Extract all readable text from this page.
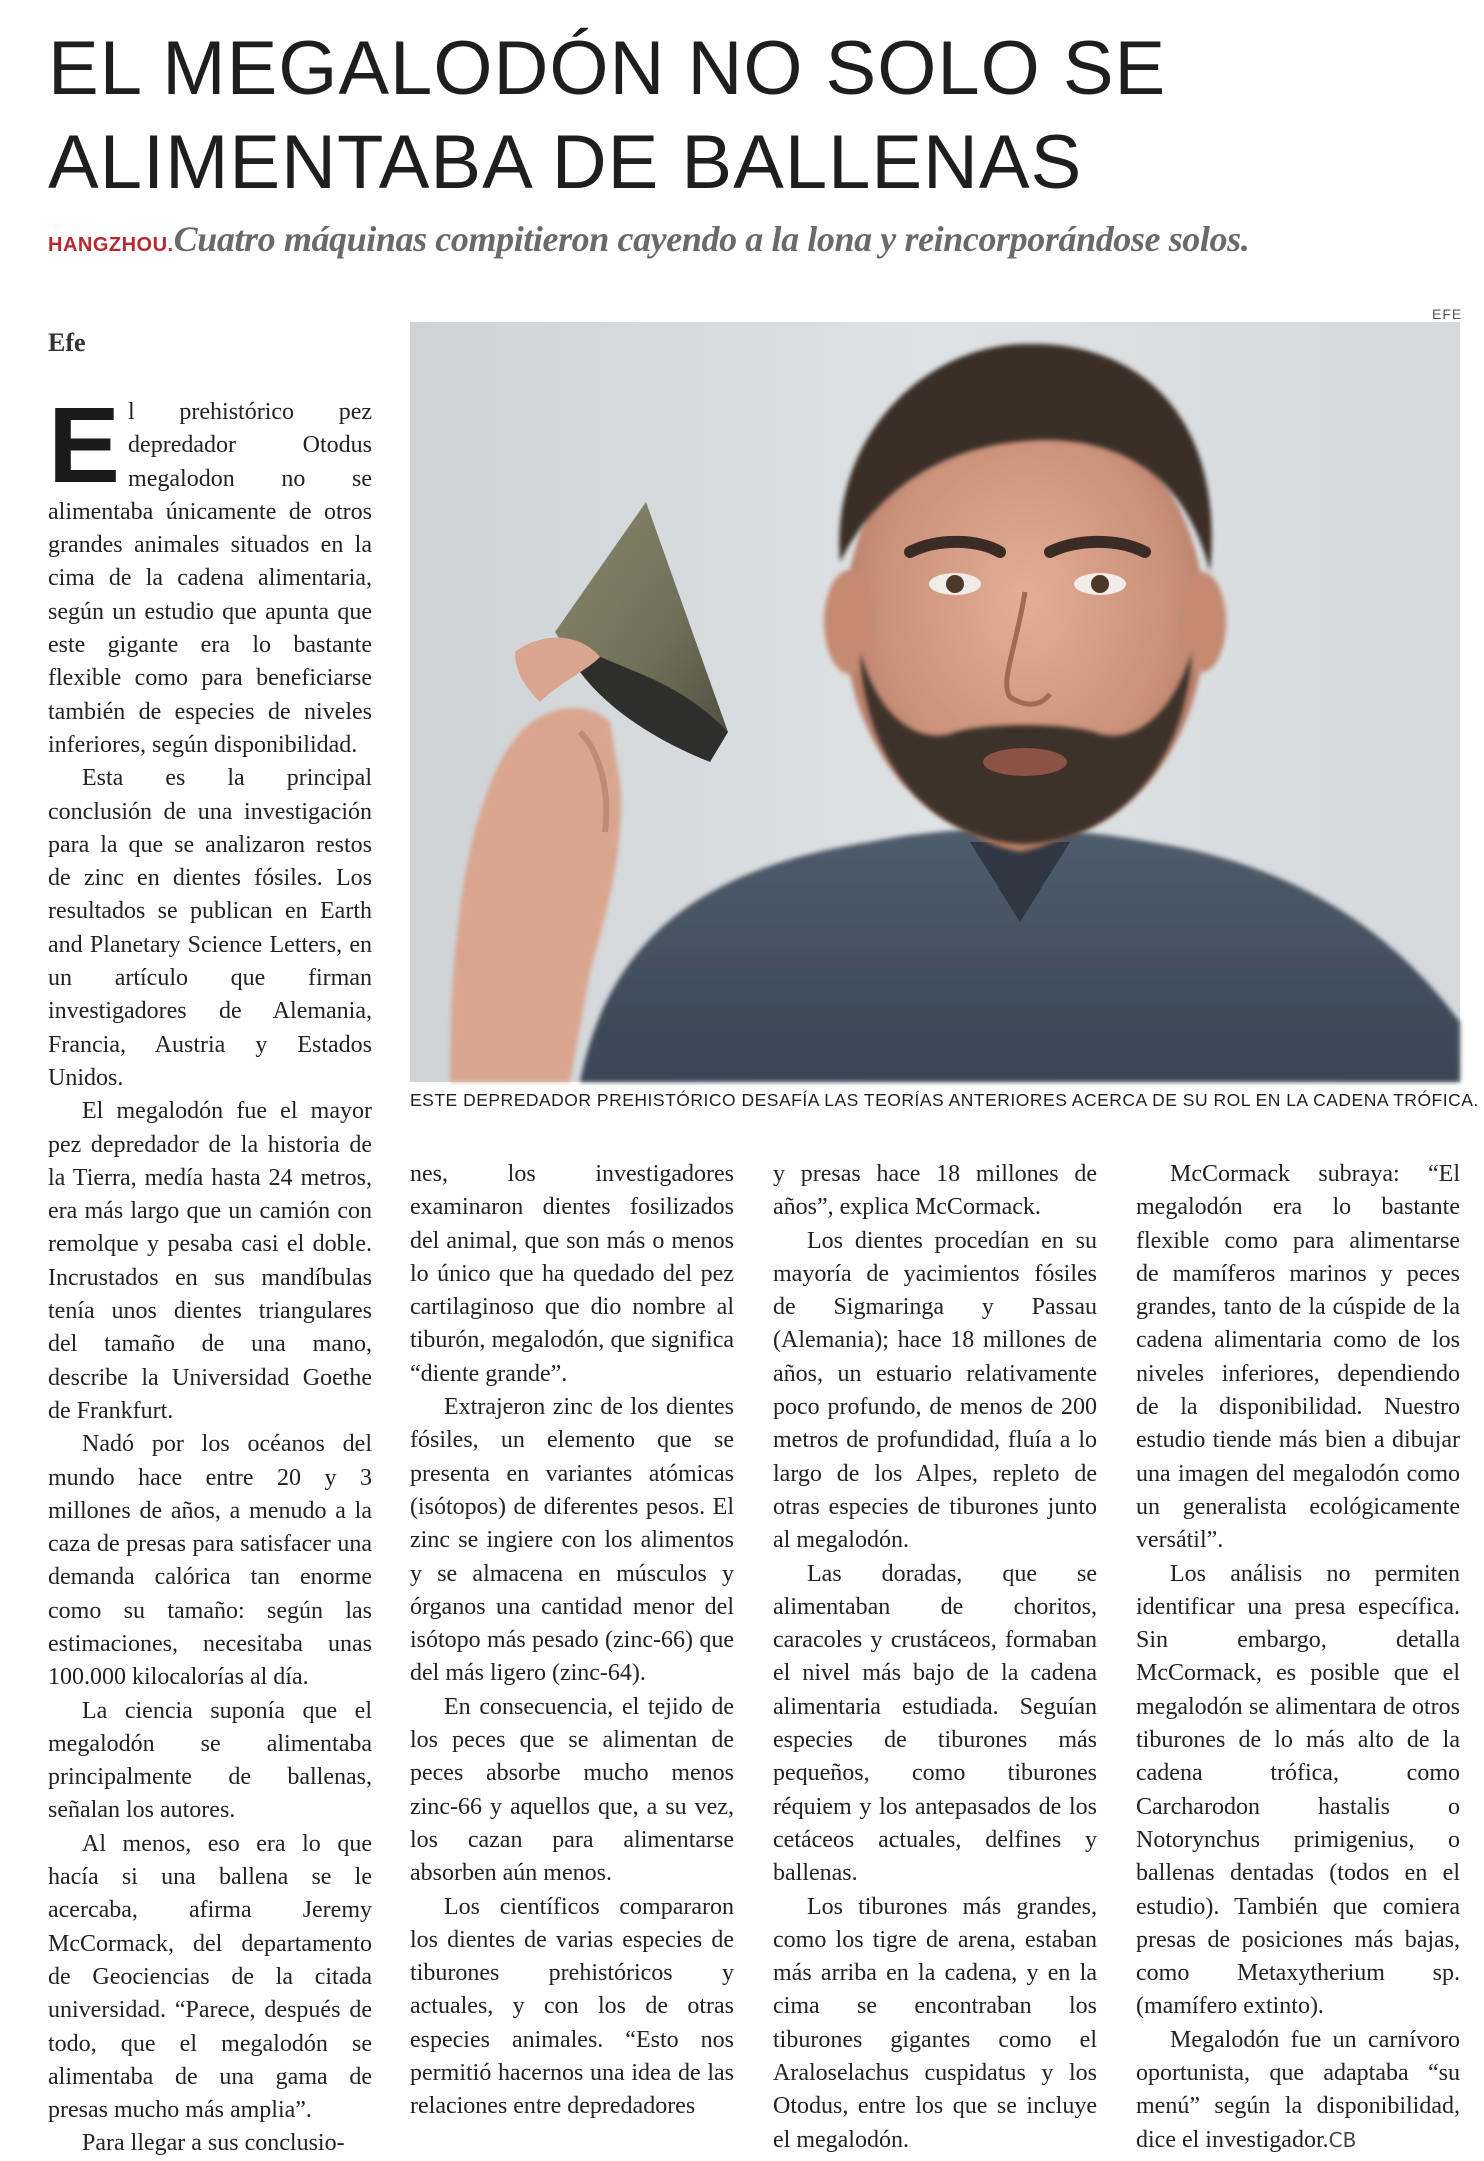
EL MEGALODÓN NO SOLO SE ALIMENTABA DE BALLENAS
HANGZHOU.Cuatro máquinas compitieron cayendo a la lona y reincorporándose solos.
Efe
EFE
ESTE DEPREDADOR PREHISTÓRICO DESAFÍA LAS TEORÍAS ANTERIORES ACERCA DE SU ROL EN LA CADENA TRÓFICA.
E l prehistórico pez depredador Otodus megalodon no se alimentaba únicamente de otros grandes animales situados en la cima de la cadena alimentaria, según un estudio que apunta que este gigante era lo bastante flexible como para beneficiarse también de especies de niveles inferiores, según disponibilidad.

Esta es la principal conclusión de una investigación para la que se analizaron restos de zinc en dientes fósiles. Los resultados se publican en Earth and Planetary Science Letters, en un artículo que firman investigadores de Alemania, Francia, Austria y Estados Unidos.

El megalodón fue el mayor pez depredador de la historia de la Tierra, medía hasta 24 metros, era más largo que un camión con remolque y pesaba casi el doble. Incrustados en sus mandíbulas tenía unos dientes triangulares del tamaño de una mano, describe la Universidad Goethe de Frankfurt.

Nadó por los océanos del mundo hace entre 20 y 3 millones de años, a menudo a la caza de presas para satisfacer una demanda calórica tan enorme como su tamaño: según las estimaciones, necesitaba unas 100.000 kilocalorías al día.

La ciencia suponía que el megalodón se alimentaba principalmente de ballenas, señalan los autores.

Al menos, eso era lo que hacía si una ballena se le acercaba, afirma Jeremy McCormack, del departamento de Geociencias de la citada universidad. “Parece, después de todo, que el megalodón se alimentaba de una gama de presas mucho más amplia”.

Para llegar a sus conclusio-

nes, los investigadores examinaron dientes fosilizados del animal, que son más o menos lo único que ha quedado del pez cartilaginoso que dio nombre al tiburón, megalodón, que significa “diente grande”.

Extrajeron zinc de los dientes fósiles, un elemento que se presenta en variantes atómicas (isótopos) de diferentes pesos. El zinc se ingiere con los alimentos y se almacena en músculos y órganos una cantidad menor del isótopo más pesado (zinc-66) que del más ligero (zinc-64).

En consecuencia, el tejido de los peces que se alimentan de peces absorbe mucho menos zinc-66 y aquellos que, a su vez, los cazan para alimentarse absorben aún menos.

Los científicos compararon los dientes de varias especies de tiburones prehistóricos y actuales, y con los de otras especies animales. “Esto nos permitió hacernos una idea de las relaciones entre depredadores

y presas hace 18 millones de años”, explica McCormack.

Los dientes procedían en su mayoría de yacimientos fósiles de Sigmaringa y Passau (Alemania); hace 18 millones de años, un estuario relativamente poco profundo, de menos de 200 metros de profundidad, fluía a lo largo de los Alpes, repleto de otras especies de tiburones junto al megalodón.

Las doradas, que se alimentaban de choritos, caracoles y crustáceos, formaban el nivel más bajo de la cadena alimentaria estudiada. Seguían especies de tiburones más pequeños, como tiburones réquiem y los antepasados de los cetáceos actuales, delfines y ballenas.

Los tiburones más grandes, como los tigre de arena, estaban más arriba en la cadena, y en la cima se encontraban los tiburones gigantes como el Araloselachus cuspidatus y los Otodus, entre los que se incluye el megalodón.

McCormack subraya: “El megalodón era lo bastante flexible como para alimentarse de mamíferos marinos y peces grandes, tanto de la cúspide de la cadena alimentaria como de los niveles inferiores, dependiendo de la disponibilidad. Nuestro estudio tiende más bien a dibujar una imagen del megalodón como un generalista ecológicamente versátil”.

Los análisis no permiten identificar una presa específica. Sin embargo, detalla McCormack, es posible que el megalodón se alimentara de otros tiburones de lo más alto de la cadena trófica, como Carcharodon hastalis o Notorynchus primigenius, o ballenas dentadas (todos en el estudio). También que comiera presas de posiciones más bajas, como Metaxytherium sp. (mamífero extinto).

Megalodón fue un carnívoro oportunista, que adaptaba “su menú” según la disponibilidad, dice el investigador.CB
